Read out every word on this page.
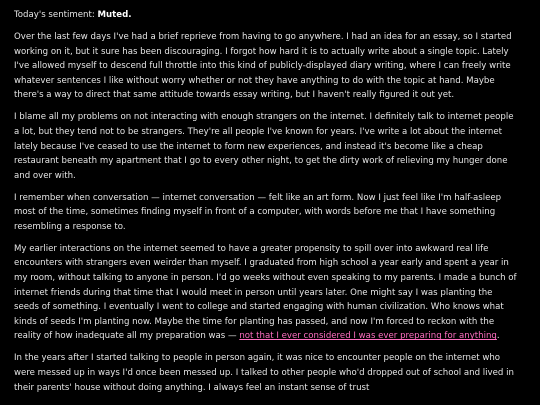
Today's sentiment: Muted.

Over the last few days I've had a brief reprieve from having to go anywhere. I had an idea for an essay, so I started working on it, but it sure has been discouraging. I forgot how hard it is to actually write about a single topic. Lately I've allowed myself to descend full throttle into this kind of publicly-displayed diary writing, where I can freely write whatever sentences I like without worry whether or not they have anything to do with the topic at hand. Maybe there's a way to direct that same attitude towards essay writing, but I haven't really figured it out yet.

I blame all my problems on not interacting with enough strangers on the internet. I definitely talk to internet people a lot, but they tend not to be strangers. They're all people I've known for years. I've write a lot about the internet lately because I've ceased to use the internet to form new experiences, and instead it's become like a cheap restaurant beneath my apartment that I go to every other night, to get the dirty work of relieving my hunger done and over with.

I remember when conversation — internet conversation — felt like an art form. Now I just feel like I'm half-asleep most of the time, sometimes finding myself in front of a computer, with words before me that I have something resembling a response to.

My earlier interactions on the internet seemed to have a greater propensity to spill over into awkward real life encounters with strangers even weirder than myself. I graduated from high school a year early and spent a year in my room, without talking to anyone in person. I'd go weeks without even speaking to my parents. I made a bunch of internet friends during that time that I would meet in person until years later. One might say I was planting the seeds of something. I eventually I went to college and started engaging with human civilization. Who knows what kinds of seeds I'm planting now. Maybe the time for planting has passed, and now I'm forced to reckon with the reality of how inadequate all my preparation was — not that I ever considered I was ever preparing for anything.

In the years after I started talking to people in person again, it was nice to encounter people on the internet who were messed up in ways I'd once been messed up. I talked to other people who'd dropped out of school and lived in their parents' house without doing anything. I always feel an instant sense of trust
